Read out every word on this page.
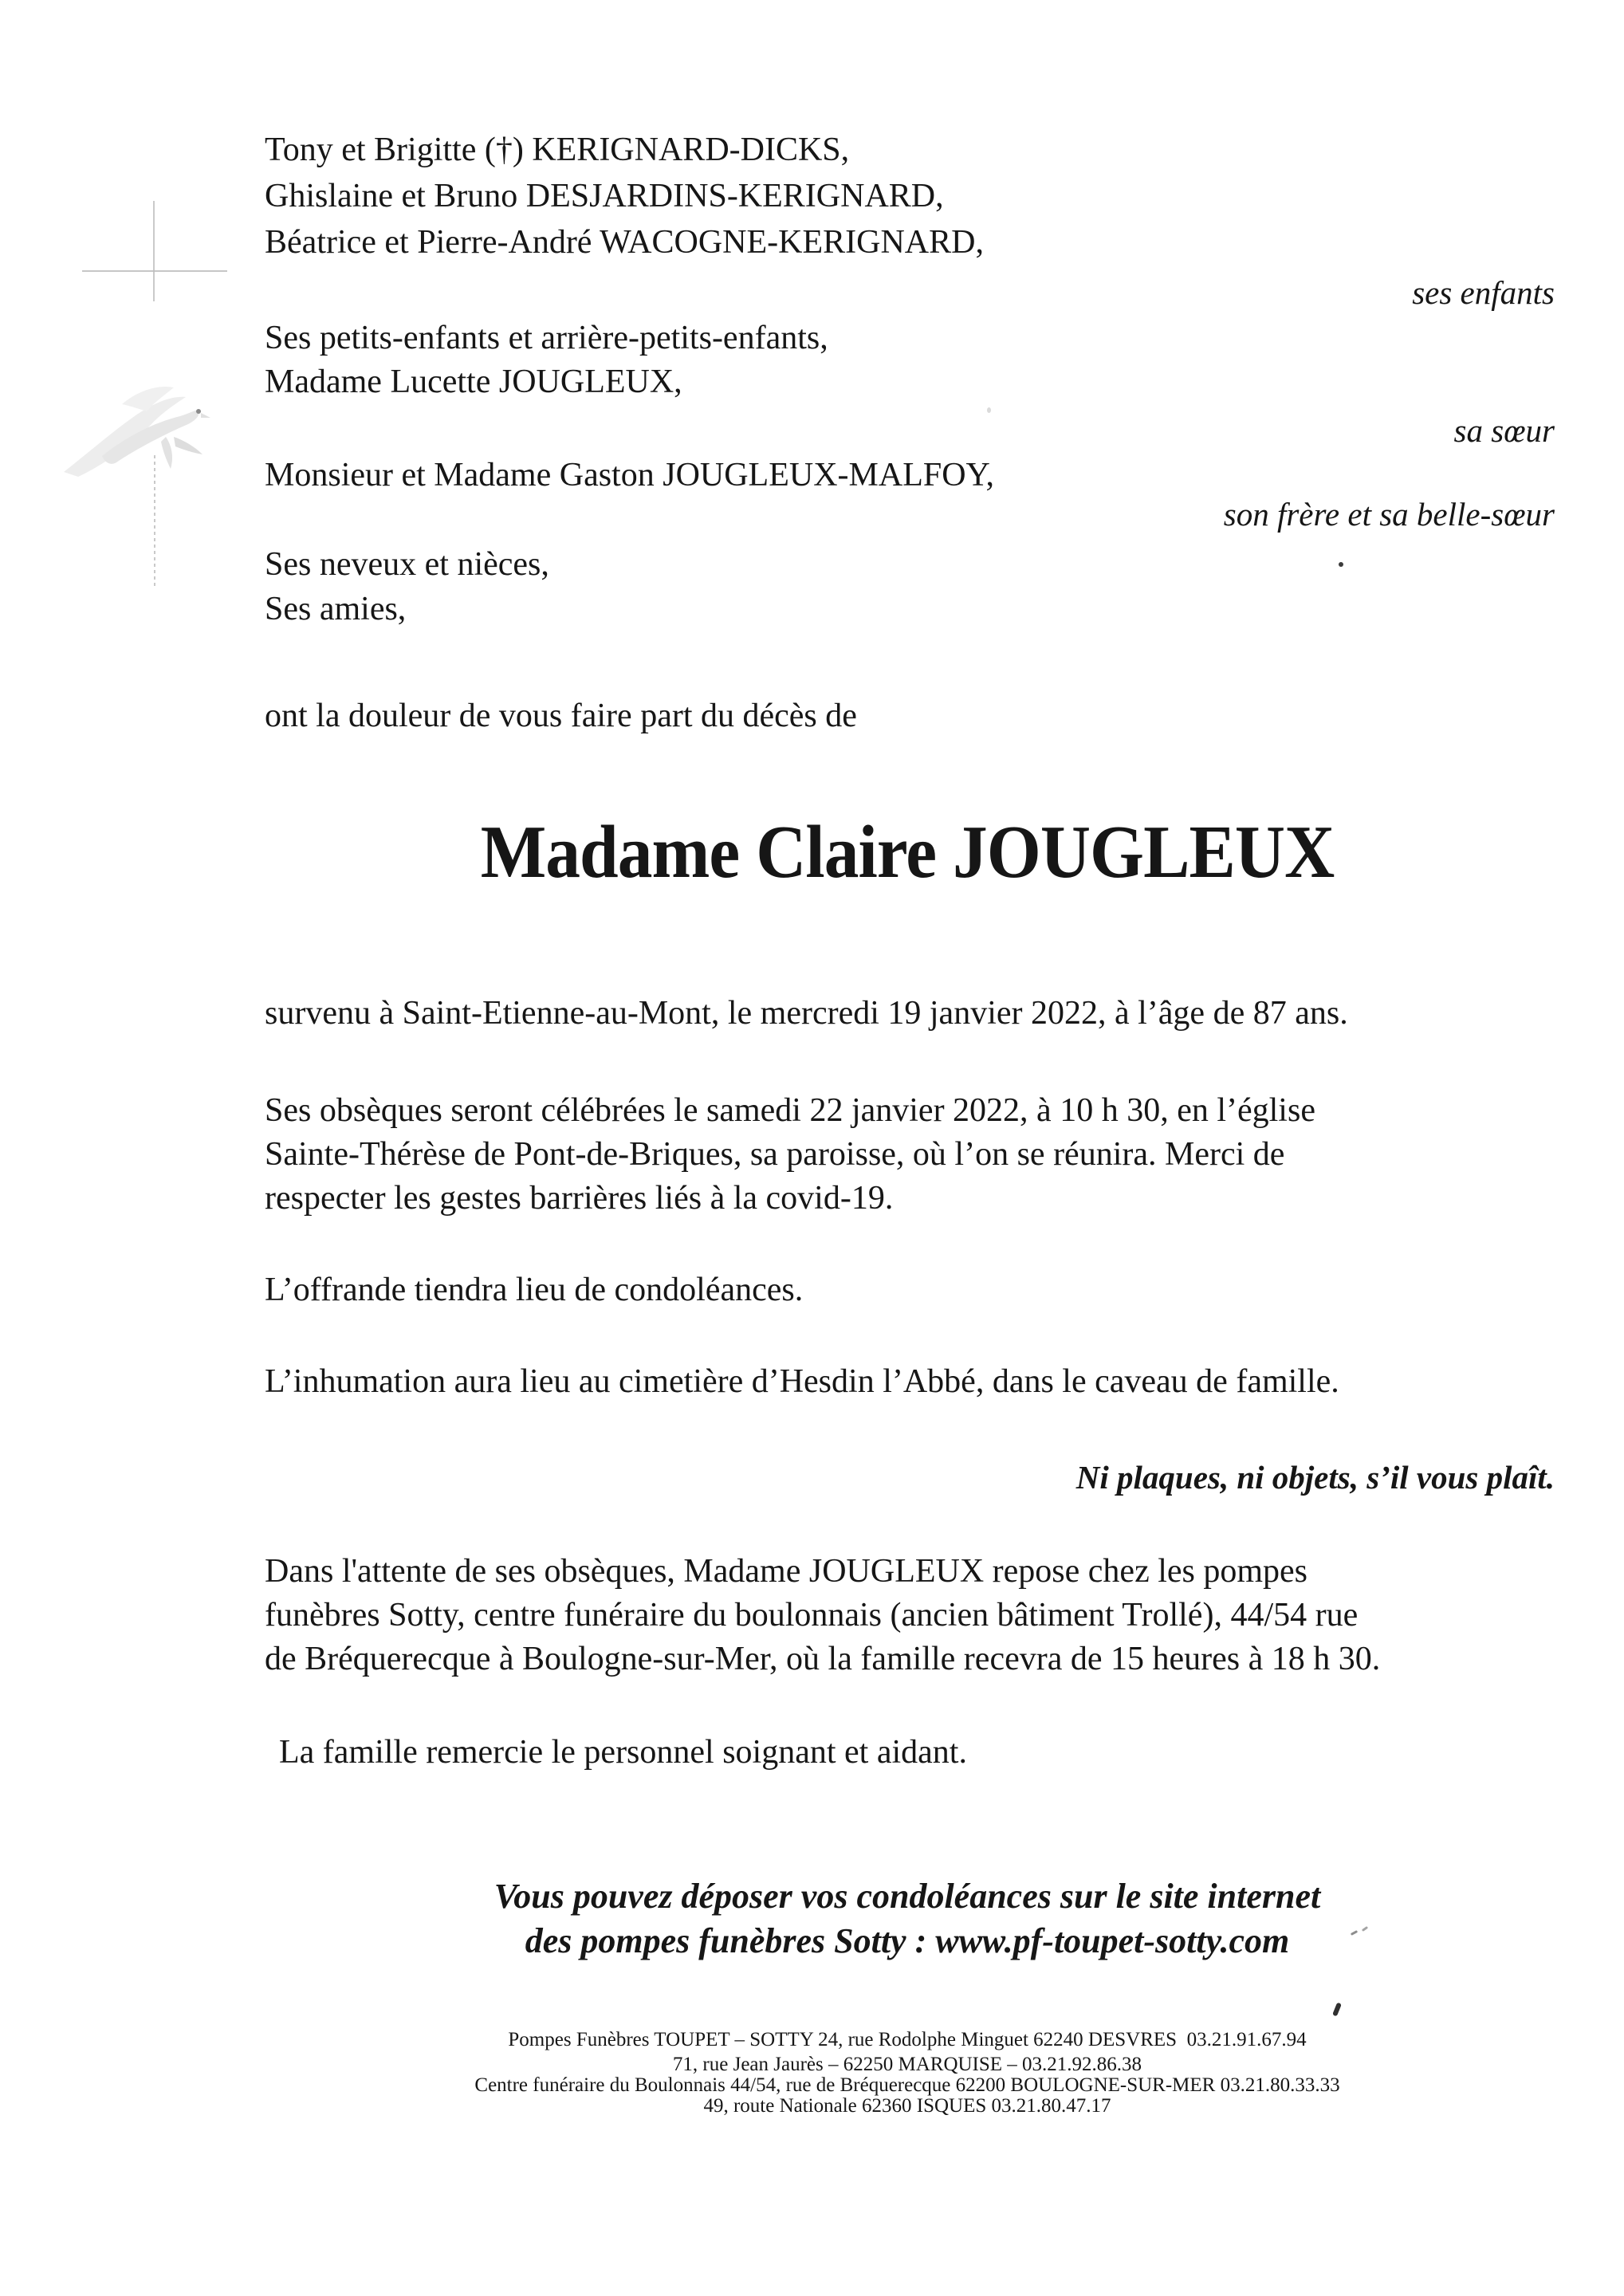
Tony et Brigitte (†) KERIGNARD-DICKS,
Ghislaine et Bruno DESJARDINS-KERIGNARD,
Béatrice et Pierre-André WACOGNE-KERIGNARD,
ses enfants
Ses petits-enfants et arrière-petits-enfants,
Madame Lucette JOUGLEUX,
sa sœur
Monsieur et Madame Gaston JOUGLEUX-MALFOY,
son frère et sa belle-sœur
Ses neveux et nièces,
Ses amies,
ont la douleur de vous faire part du décès de
Madame Claire JOUGLEUX
survenu à Saint-Etienne-au-Mont, le mercredi 19 janvier 2022, à l’âge de 87 ans.
Ses obsèques seront célébrées le samedi 22 janvier 2022, à 10 h 30, en l’église
Sainte-Thérèse de Pont-de-Briques, sa paroisse, où l’on se réunira. Merci de
respecter les gestes barrières liés à la covid-19.
L’offrande tiendra lieu de condoléances.
L’inhumation aura lieu au cimetière d’Hesdin l’Abbé, dans le caveau de famille.
Ni plaques, ni objets, s’il vous plaît.
Dans l'attente de ses obsèques, Madame JOUGLEUX repose chez les pompes
funèbres Sotty, centre funéraire du boulonnais (ancien bâtiment Trollé), 44/54 rue
de Bréquerecque à Boulogne-sur-Mer, où la famille recevra de 15 heures à 18 h 30.
La famille remercie le personnel soignant et aidant.
Vous pouvez déposer vos condoléances sur le site internet
des pompes funèbres Sotty : www.pf-toupet-sotty.com
Pompes Funèbres TOUPET – SOTTY 24, rue Rodolphe Minguet 62240 DESVRES  03.21.91.67.94
71, rue Jean Jaurès – 62250 MARQUISE – 03.21.92.86.38
Centre funéraire du Boulonnais 44/54, rue de Bréquerecque 62200 BOULOGNE-SUR-MER 03.21.80.33.33
49, route Nationale 62360 ISQUES 03.21.80.47.17
